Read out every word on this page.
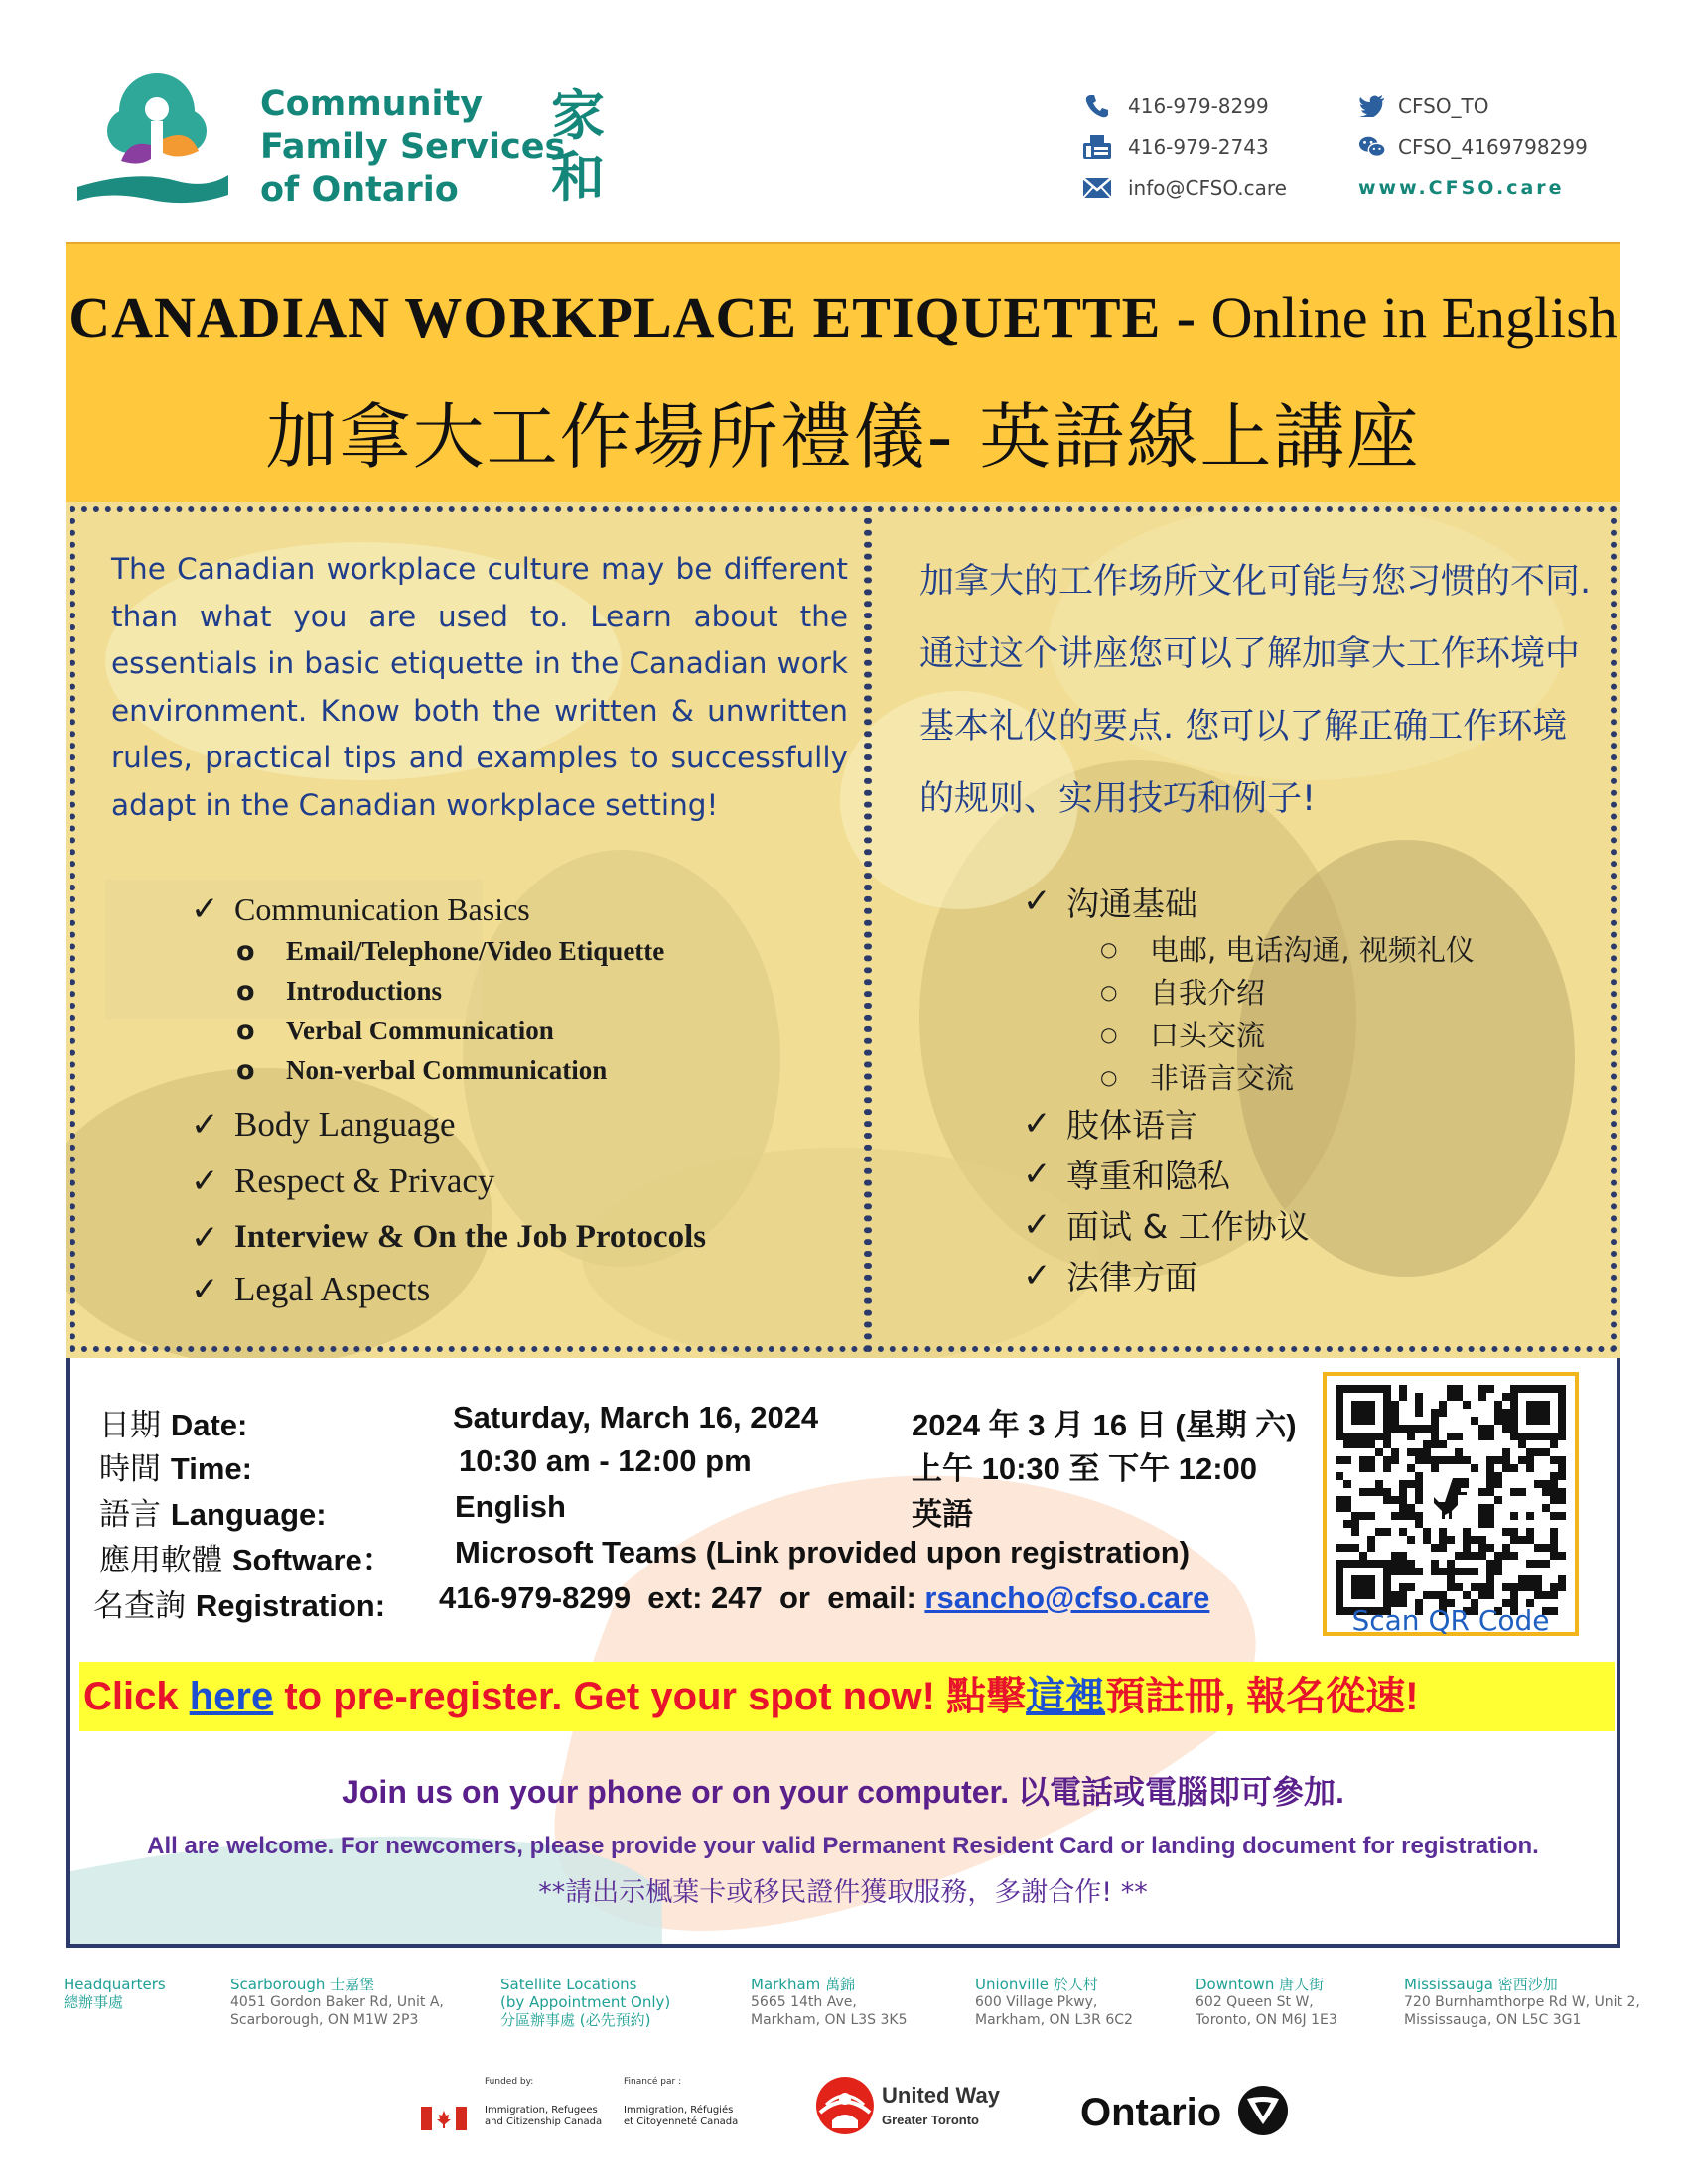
Community
Family Services
of Ontario
家
和
416-979-8299
416-979-2743
info@CFSO.care
CFSO_TO
CFSO_4169798299
www.CFSO.care
CANADIAN WORKPLACE ETIQUETTE - Online in English
加拿大工作場所禮儀- 英語線上講座

The Canadian workplace culture may be different than what you are used to. Learn about the essentials in basic etiquette in the Canadian work environment. Know both the written & unwritten rules, practical tips and examples to successfully adapt in the Canadian workplace setting!

✓ Communication Basics
o	Email/Telephone/Video Etiquette
o	Introductions
o	Verbal Communication
o	Non-verbal Communication
✓ Body Language
✓ Respect & Privacy
✓ Interview & On the Job Protocols
✓ Legal Aspects

加拿大的工作场所文化可能与您习惯的不同. 通过这个讲座您可以了解加拿大工作环境中基本礼仪的要点. 您可以了解正确工作环境的规则、实用技巧和例子!

✓ 沟通基础
○	电邮, 电话沟通, 视频礼仪
○	自我介绍
○	口头交流
○	非语言交流
✓ 肢体语言
✓ 尊重和隐私
✓ 面试 & 工作协议
✓ 法律方面
日期 Date:	Saturday, March 16, 2024	2024 年 3 月 16 日 (星期 六)
時間 Time:	10:30 am - 12:00 pm	上午 10:30 至 下午 12:00
語言 Language:	English	英語
應用軟體 Software： Microsoft Teams (Link provided upon registration)
名查詢 Registration: 416-979-8299  ext: 247  or  email: rsancho@cfso.care
Scan QR Code
Click here to pre-register. Get your spot now! 點擊這裡預註冊, 報名從速!
Join us on your phone or on your computer. 以電話或電腦即可參加.
All are welcome. For newcomers, please provide your valid Permanent Resident Card or landing document for registration.
**請出示楓葉卡或移民證件獲取服務，多謝合作! **
Headquarters
總辦事處
Scarborough 士嘉堡
4051 Gordon Baker Rd, Unit A,
Scarborough, ON M1W 2P3
Satellite Locations
(by Appointment Only)
分區辦事處 (必先預約)
Markham 萬錦
5665 14th Ave,
Markham, ON L3S 3K5
Unionville 於人村
600 Village Pkwy,
Markham, ON L3R 6C2
Downtown 唐人街
602 Queen St W,
Toronto, ON M6J 1E3
Mississauga 密西沙加
720 Burnhamthorpe Rd W, Unit 2,
Mississauga, ON L5C 3G1
Funded by:	Financé par :
Immigration, Refugees
and Citizenship Canada
Immigration, Réfugiés
et Citoyenneté Canada
United Way
Greater Toronto	Ontario
